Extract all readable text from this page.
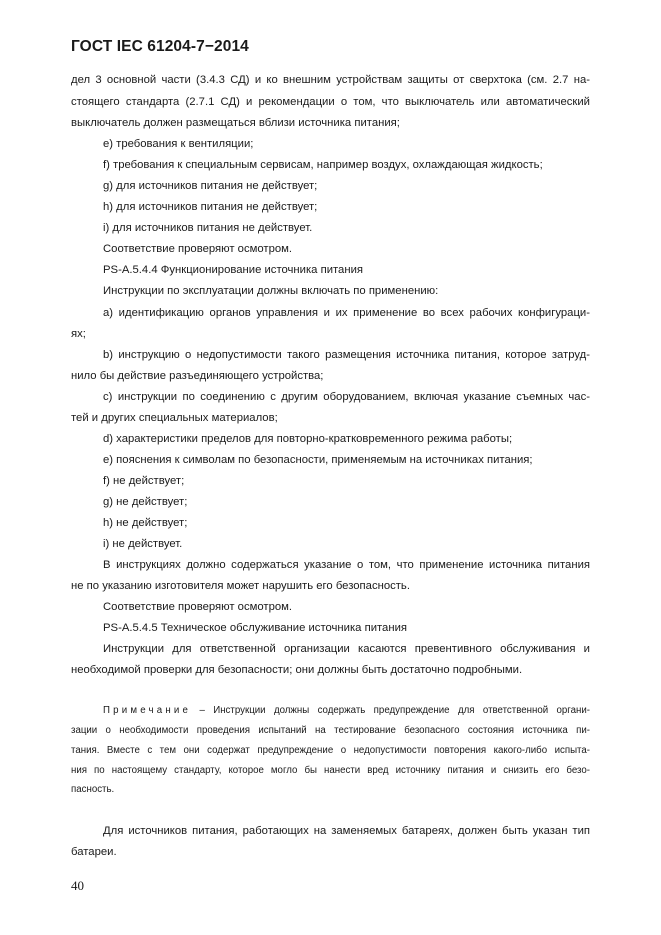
ГОСТ IEC 61204-7−2014
дел 3 основной части (3.4.3 СД) и ко внешним устройствам защиты от сверхтока (см. 2.7 на-
стоящего стандарта (2.7.1 СД) и рекомендации о том, что выключатель или автоматический
выключатель должен размещаться вблизи источника питания;
е) требования к вентиляции;
f) требования к специальным сервисам, например воздух, охлаждающая жидкость;
g) для источников питания не действует;
h) для источников питания не действует;
i) для источников питания не действует.
Соответствие проверяют осмотром.
PS-A.5.4.4 Функционирование источника питания
Инструкции по эксплуатации должны включать по применению:
а) идентификацию органов управления и их применение во всех рабочих конфигураци-
ях;
b) инструкцию о недопустимости такого размещения источника питания, которое затруд-
нило бы действие разъединяющего устройства;
c) инструкции по соединению с другим оборудованием, включая указание съемных час-
тей и других специальных материалов;
d) характеристики пределов для повторно-кратковременного режима работы;
е) пояснения к символам по безопасности, применяемым на источниках питания;
f) не действует;
g) не действует;
h) не действует;
i) не действует.
В инструкциях должно содержаться указание о том, что применение источника питания
не по указанию изготовителя может нарушить его безопасность.
Соответствие проверяют осмотром.
PS-A.5.4.5 Техническое обслуживание источника питания
Инструкции для ответственной организации касаются превентивного обслуживания и
необходимой проверки для безопасности; они должны быть достаточно подробными.
Примечание – Инструкции должны содержать предупреждение для ответственной органи-
зации о необходимости проведения испытаний на тестирование безопасного состояния источника пи-
тания. Вместе с тем они содержат предупреждение о недопустимости повторения какого-либо испыта-
ния по настоящему стандарту, которое могло бы нанести вред источнику питания и снизить его безо-
пасность.
Для источников питания, работающих на заменяемых батареях, должен быть указан тип
батареи.
40
